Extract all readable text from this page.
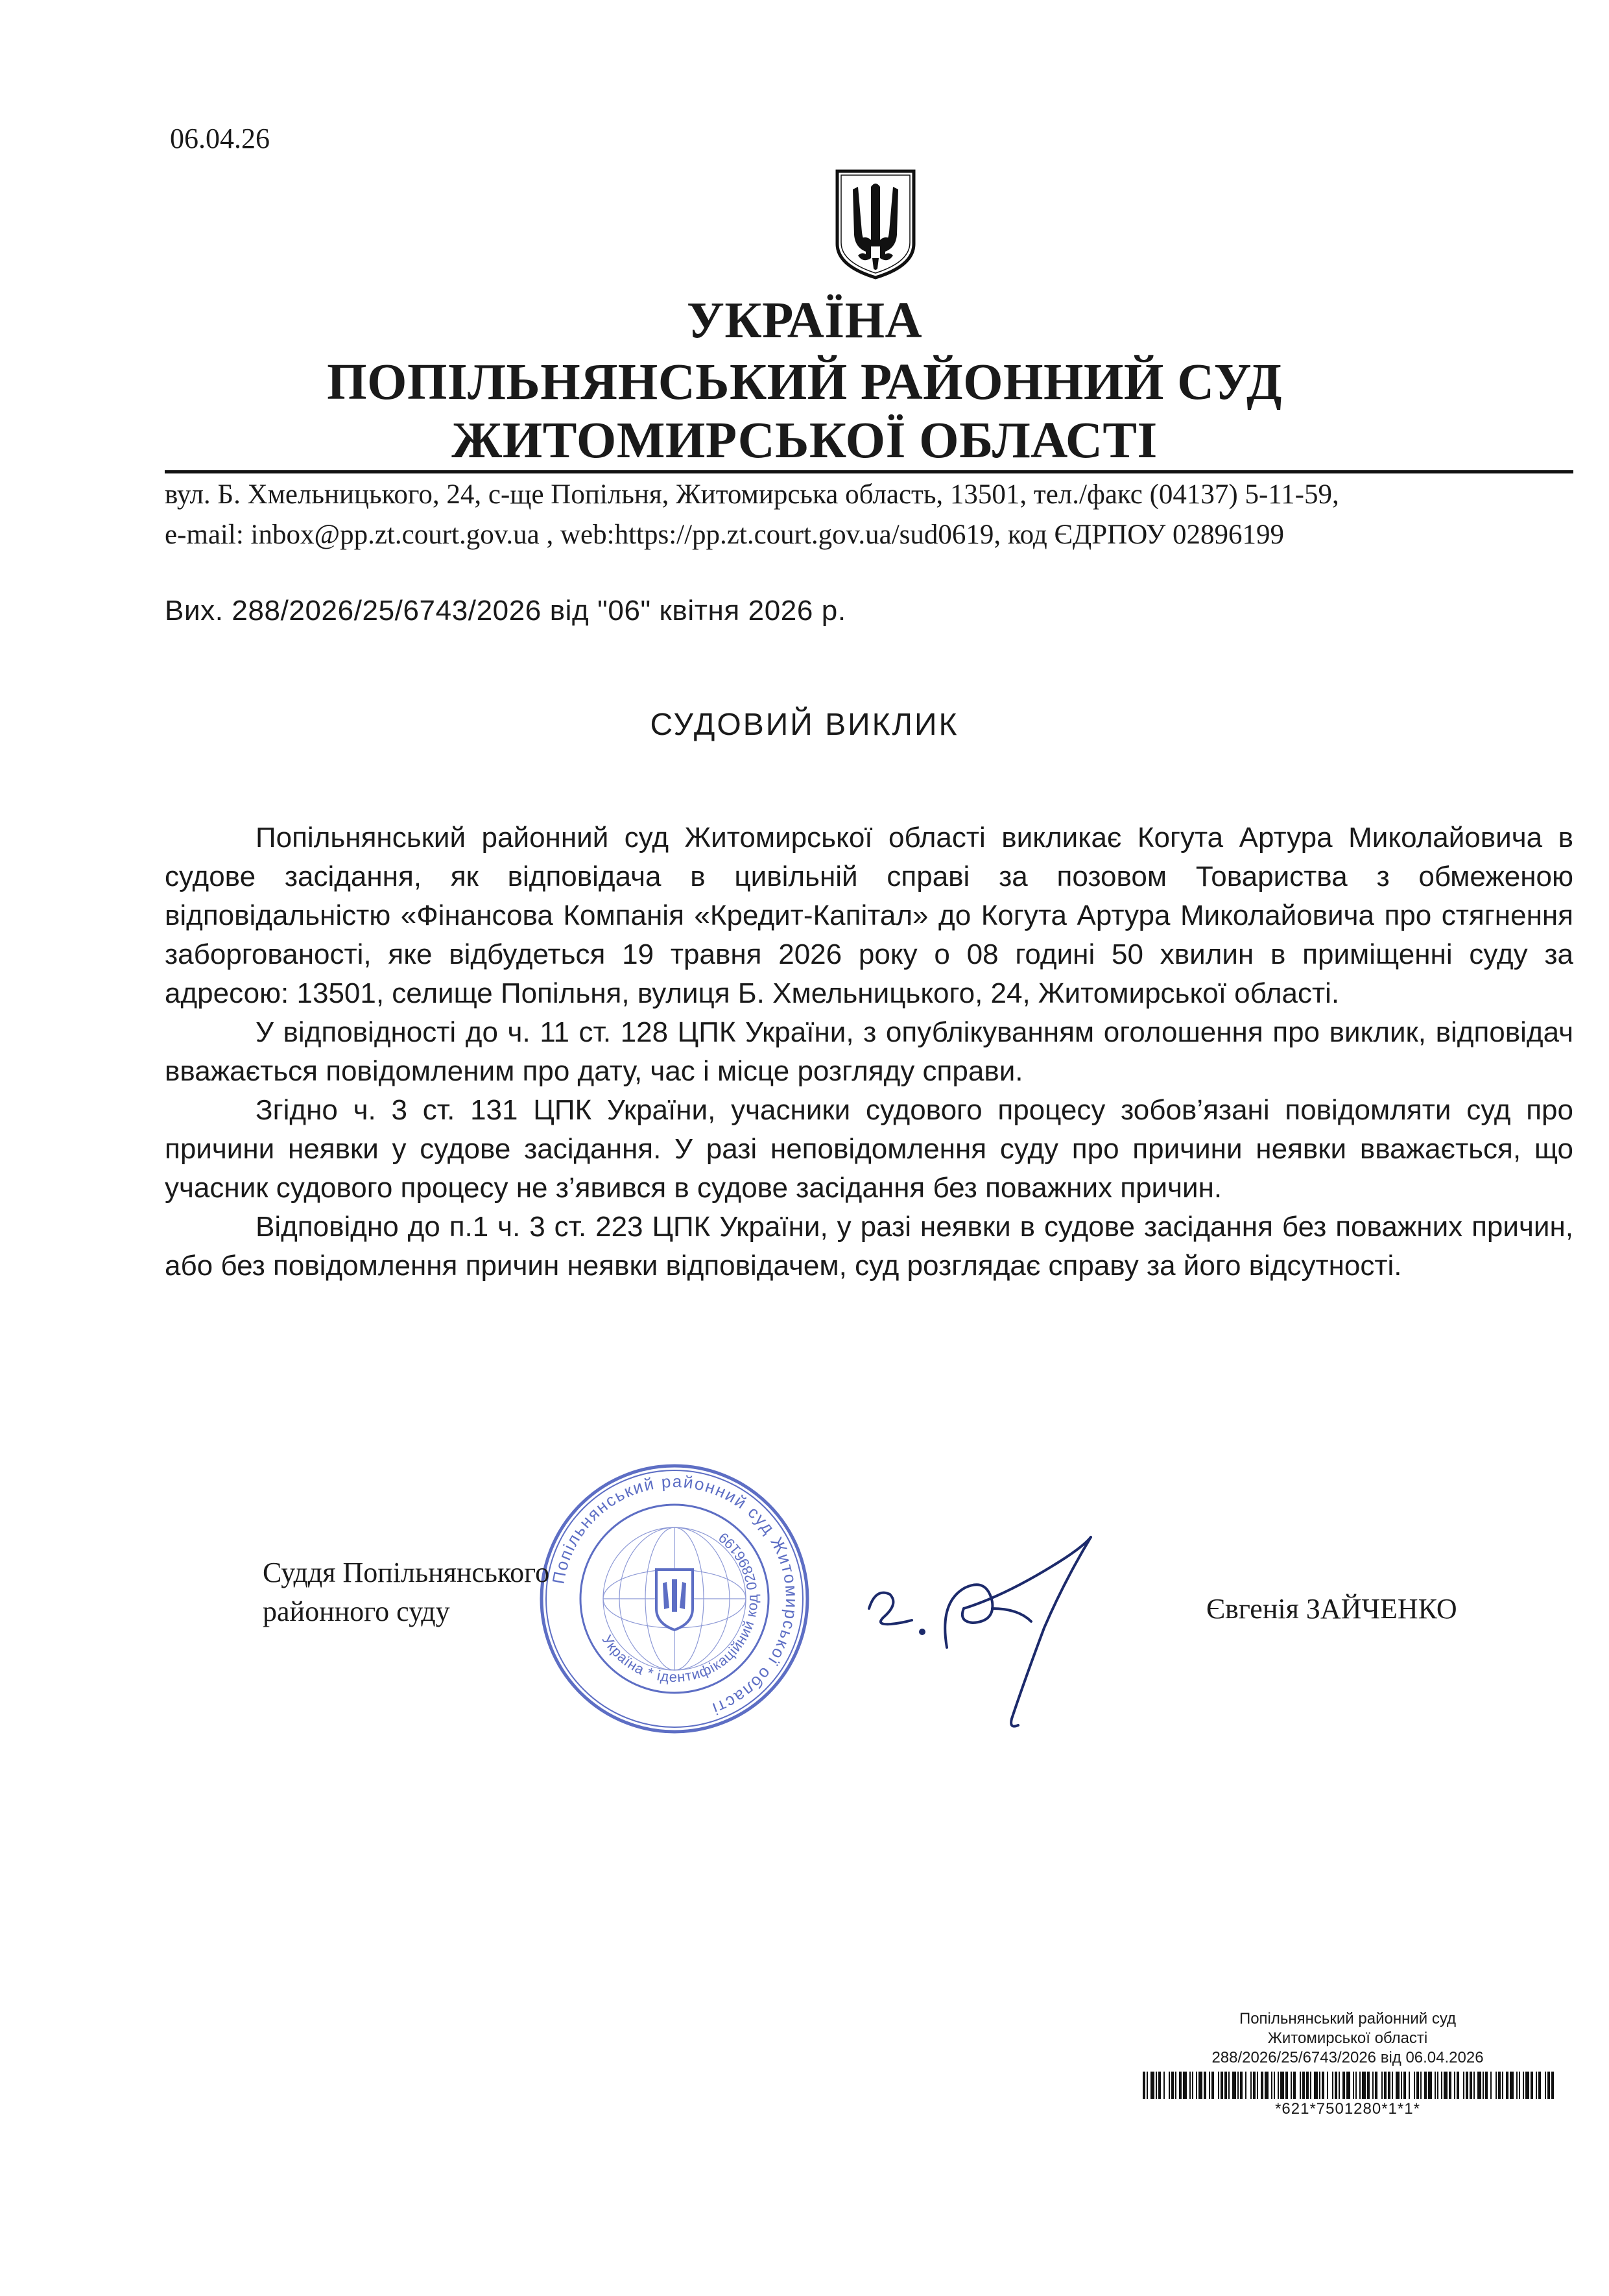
06.04.26
УКРАЇНА
ПОПІЛЬНЯНСЬКИЙ РАЙОННИЙ СУД
ЖИТОМИРСЬКОЇ ОБЛАСТІ
вул. Б. Хмельницького, 24, с-ще Попільня, Житомирська область, 13501, тел./факс (04137) 5-11-59,
e-mail: inbox@pp.zt.court.gov.ua , web:https://pp.zt.court.gov.ua/sud0619, код ЄДРПОУ 02896199
Вих. 288/2026/25/6743/2026 від "06" квітня 2026 р.
СУДОВИЙ ВИКЛИК

Попільнянський районний суд Житомирської області викликає Когута Артура Миколайовича в судове засідання, як відповідача в цивільній справі за позовом Товариства з обмеженою відповідальністю «Фінансова Компанія «Кредит-Капітал» до Когута Артура Миколайовича про стягнення заборгованості, яке відбудеться 19 травня 2026 року о 08 годині 50 хвилин в приміщенні суду за адресою: 13501, селище Попільня, вулиця Б. Хмельницького, 24, Житомирської області.

У відповідності до ч. 11 ст. 128 ЦПК України, з опублікуванням оголошення про виклик, відповідач вважається повідомленим про дату, час і місце розгляду справи.

Згідно ч. 3 ст. 131 ЦПК України, учасники судового процесу зобов’язані повідомляти суд про причини неявки у судове засідання. У разі неповідомлення суду про причини неявки вважається, що учасник судового процесу не з’явився в судове засідання без поважних причин.

Відповідно до п.1 ч. 3 ст. 223 ЦПК України, у разі неявки в судове засідання без поважних причин, або без повідомлення причин неявки відповідачем, суд розглядає справу за його відсутності.

Попільнянський районний суд Житомирської області
Україна * ідентифікаційний код 02896199
Суддя Попільнянського
районного суду	Євгенія ЗАЙЧЕНКО
Попільнянський районний суд
Житомирської області
288/2026/25/6743/2026 від 06.04.2026
*621*7501280*1*1*
